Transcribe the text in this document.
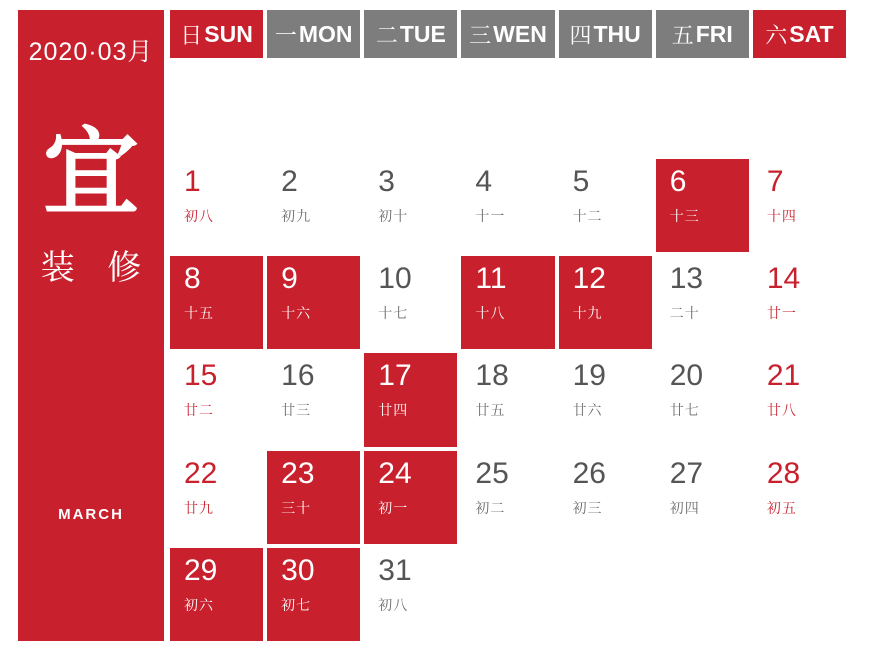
2020·03月
宜
装 修
MARCH
日 SUN 一 MON 二 TUE 三 WEN 四 THU 五 FRI 六 SAT
1
初八
2
初九
3
初十
4
十一
5
十二
6
十三
7
十四
8
十五
9
十六
10
十七
11
十八
12
十九
13
二十
14
廿一
15
廿二
16
廿三
17
廿四
18
廿五
19
廿六
20
廿七
21
廿八
22
廿九
23
三十
24
初一
25
初二
26
初三
27
初四
28
初五
29
初六
30
初七
31
初八
